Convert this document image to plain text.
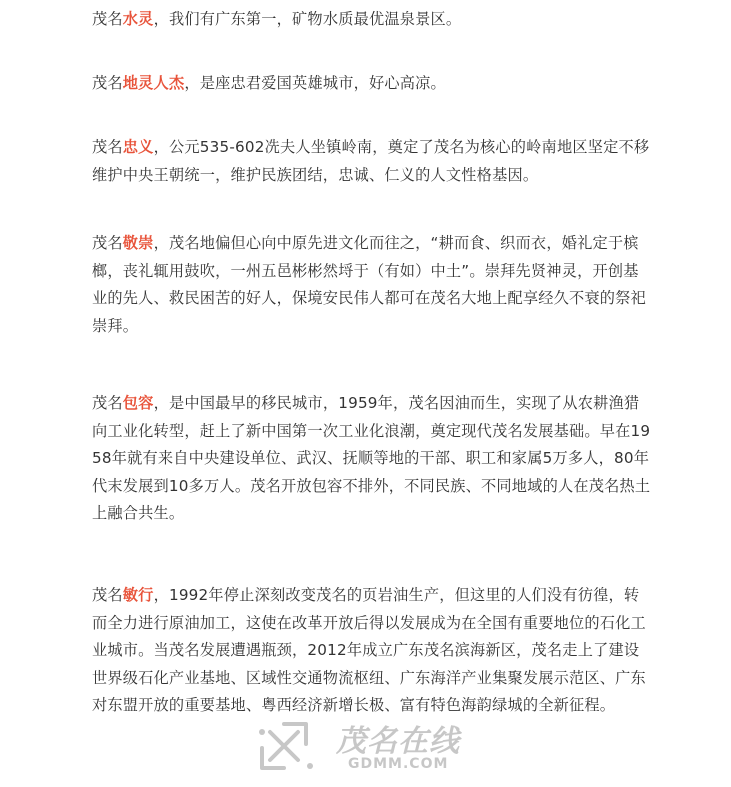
茂名水灵，我们有广东第一，矿物水质最优温泉景区。

茂名地灵人杰，是座忠君爱国英雄城市，好心高凉。

茂名忠义，公元535-602冼夫人坐镇岭南，奠定了茂名为核心的岭南地区坚定不移维护中央王朝统一，维护民族团结，忠诚、仁义的人文性格基因。

茂名敬崇，茂名地偏但心向中原先进文化而往之，“耕而食、织而衣，婚礼定于槟榔，丧礼辄用鼓吹，一州五邑彬彬然埒于（有如）中土”。崇拜先贤神灵，开创基业的先人、救民困苦的好人，保境安民伟人都可在茂名大地上配享经久不衰的祭祀崇拜。

茂名包容，是中国最早的移民城市，1959年，茂名因油而生，实现了从农耕渔猎向工业化转型，赶上了新中国第一次工业化浪潮，奠定现代茂名发展基础。早在1958年就有来自中央建设单位、武汉、抚顺等地的干部、职工和家属5万多人，80年代末发展到10多万人。茂名开放包容不排外，不同民族、不同地域的人在茂名热土上融合共生。

茂名敏行，1992年停止深刻改变茂名的页岩油生产，但这里的人们没有彷徨，转而全力进行原油加工，这使在改革开放后得以发展成为在全国有重要地位的石化工业城市。当茂名发展遭遇瓶颈，2012年成立广东茂名滨海新区，茂名走上了建设世界级石化产业基地、区域性交通物流枢纽、广东海洋产业集聚发展示范区、广东对东盟开放的重要基地、粤西经济新增长极、富有特色海韵绿城的全新征程。

茂名在线
GDMM.COM
